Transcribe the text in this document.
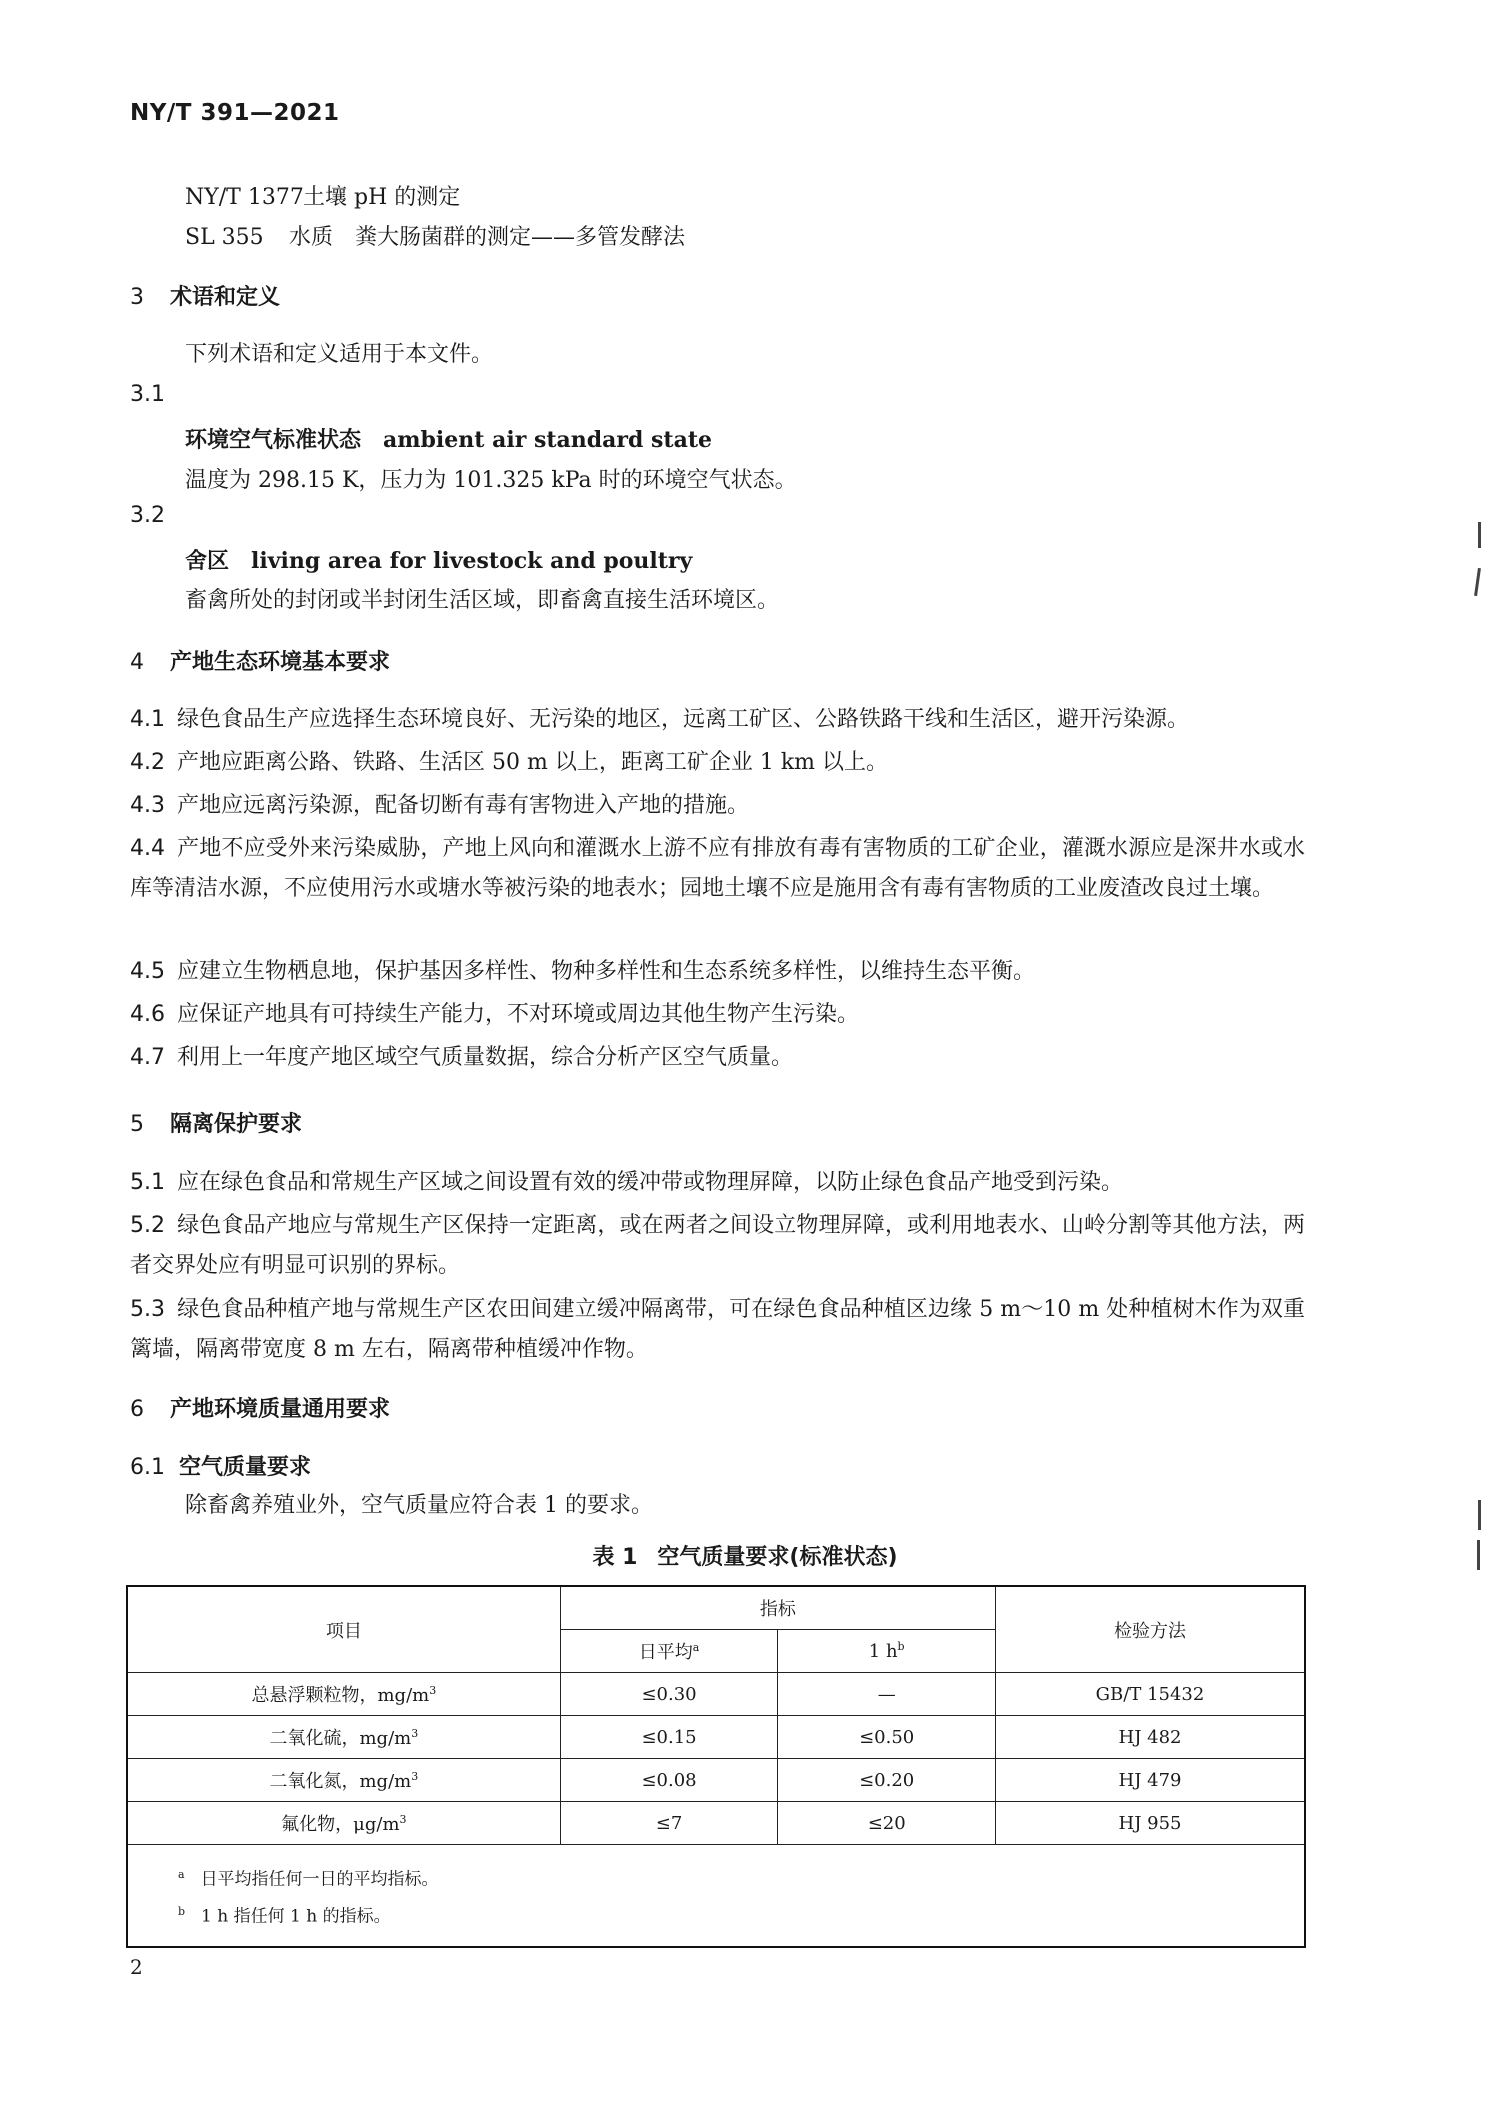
NY/T 391—2021
NY/T 1377土壤 pH 的测定
SL 355 水质　粪大肠菌群的测定——多管发酵法
3 术语和定义
下列术语和定义适用于本文件。
3.1
环境空气标准状态 ambient air standard state
温度为 298.15 K，压力为 101.325 kPa 时的环境空气状态。
3.2
舍区 living area for livestock and poultry
畜禽所处的封闭或半封闭生活区域，即畜禽直接生活环境区。
4 产地生态环境基本要求
4.1 绿色食品生产应选择生态环境良好、无污染的地区，远离工矿区、公路铁路干线和生活区，避开污染源。
4.2 产地应距离公路、铁路、生活区 50 m 以上，距离工矿企业 1 km 以上。
4.3 产地应远离污染源，配备切断有毒有害物进入产地的措施。
4.4 产地不应受外来污染威胁，产地上风向和灌溉水上游不应有排放有毒有害物质的工矿企业，灌溉水源应是深井水或水库等清洁水源，不应使用污水或塘水等被污染的地表水；园地土壤不应是施用含有毒有害物质的工业废渣改良过土壤。
4.5 应建立生物栖息地，保护基因多样性、物种多样性和生态系统多样性，以维持生态平衡。
4.6 应保证产地具有可持续生产能力，不对环境或周边其他生物产生污染。
4.7 利用上一年度产地区域空气质量数据，综合分析产区空气质量。
5 隔离保护要求
5.1 应在绿色食品和常规生产区域之间设置有效的缓冲带或物理屏障，以防止绿色食品产地受到污染。
5.2 绿色食品产地应与常规生产区保持一定距离，或在两者之间设立物理屏障，或利用地表水、山岭分割等其他方法，两者交界处应有明显可识别的界标。
5.3 绿色食品种植产地与常规生产区农田间建立缓冲隔离带，可在绿色食品种植区边缘 5 m～10 m 处种植树木作为双重篱墙，隔离带宽度 8 m 左右，隔离带种植缓冲作物。
6 产地环境质量通用要求
6.1 空气质量要求
除畜禽养殖业外，空气质量应符合表 1 的要求。
表 1 空气质量要求(标准状态)
项目	指标		检验方法
	日平均$^a$	1 $h^b$
总悬浮颗粒物，$mg/m^3$	≤0.30	—	GB/T 15432
二氧化硫，$mg/m^3$	≤0.15	≤0.50	HJ 482
二氧化氮，$mg/m^3$	≤0.08	≤0.20	HJ 479
氟化物，$\mu g/m^3$	≤7	≤20	HJ 955

$^a$ 日平均指任何一日的平均指标。
$^b$ 1 h 指任何 1 h 的指标。			
2
